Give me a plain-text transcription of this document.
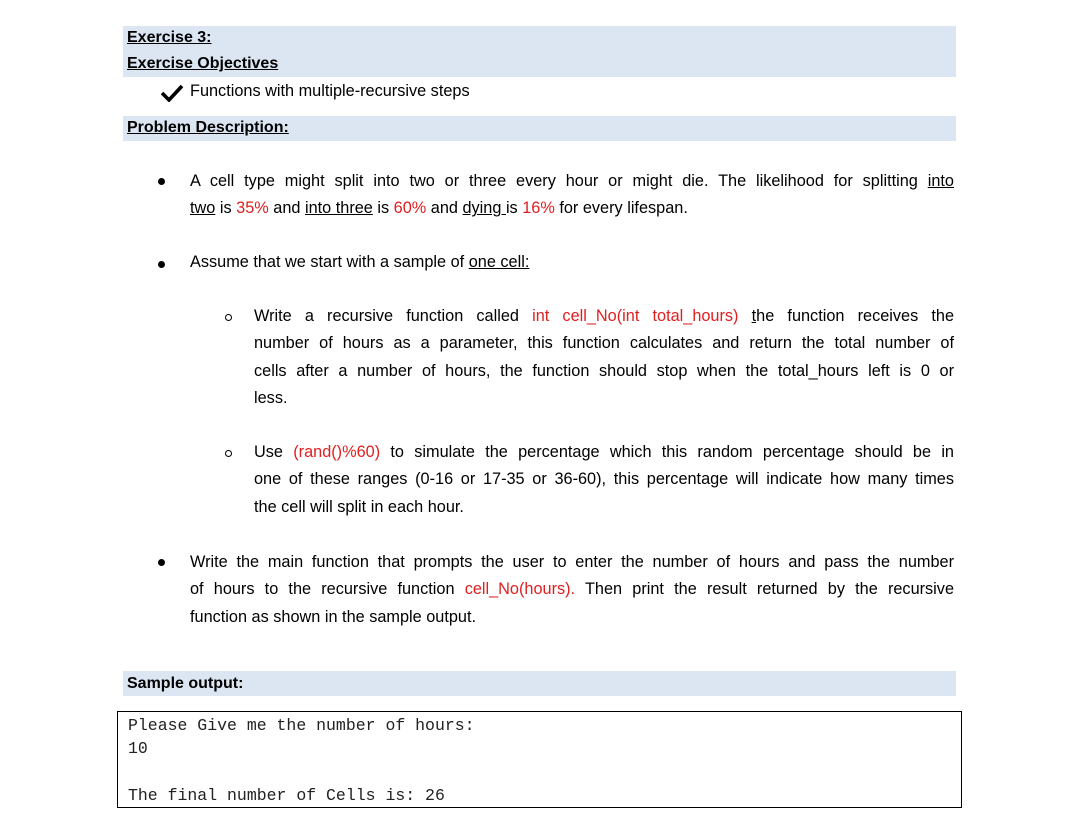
Exercise 3:
Exercise Objectives
Functions with multiple-recursive steps
Problem Description:
A cell type might split into two or three every hour or might die. The likelihood for splitting into
two is 35% and into three is 60% and dying is 16% for every lifespan.
Assume that we start with a sample of one cell:
Write a recursive function called int cell_No(int total_hours) the function receives the
number of hours as a parameter, this function calculates and return the total number of
cells after a number of hours, the function should stop when the total_hours left is 0 or
less.
Use (rand()%60) to simulate the percentage which this random percentage should be in
one of these ranges (0-16 or 17-35 or 36-60), this percentage will indicate how many times
the cell will split in each hour.
Write the main function that prompts the user to enter the number of hours and pass the number
of hours to the recursive function cell_No(hours). Then print the result returned by the recursive
function as shown in the sample output.
Sample output:
Please Give me the number of hours:
10
The final number of Cells is: 26
